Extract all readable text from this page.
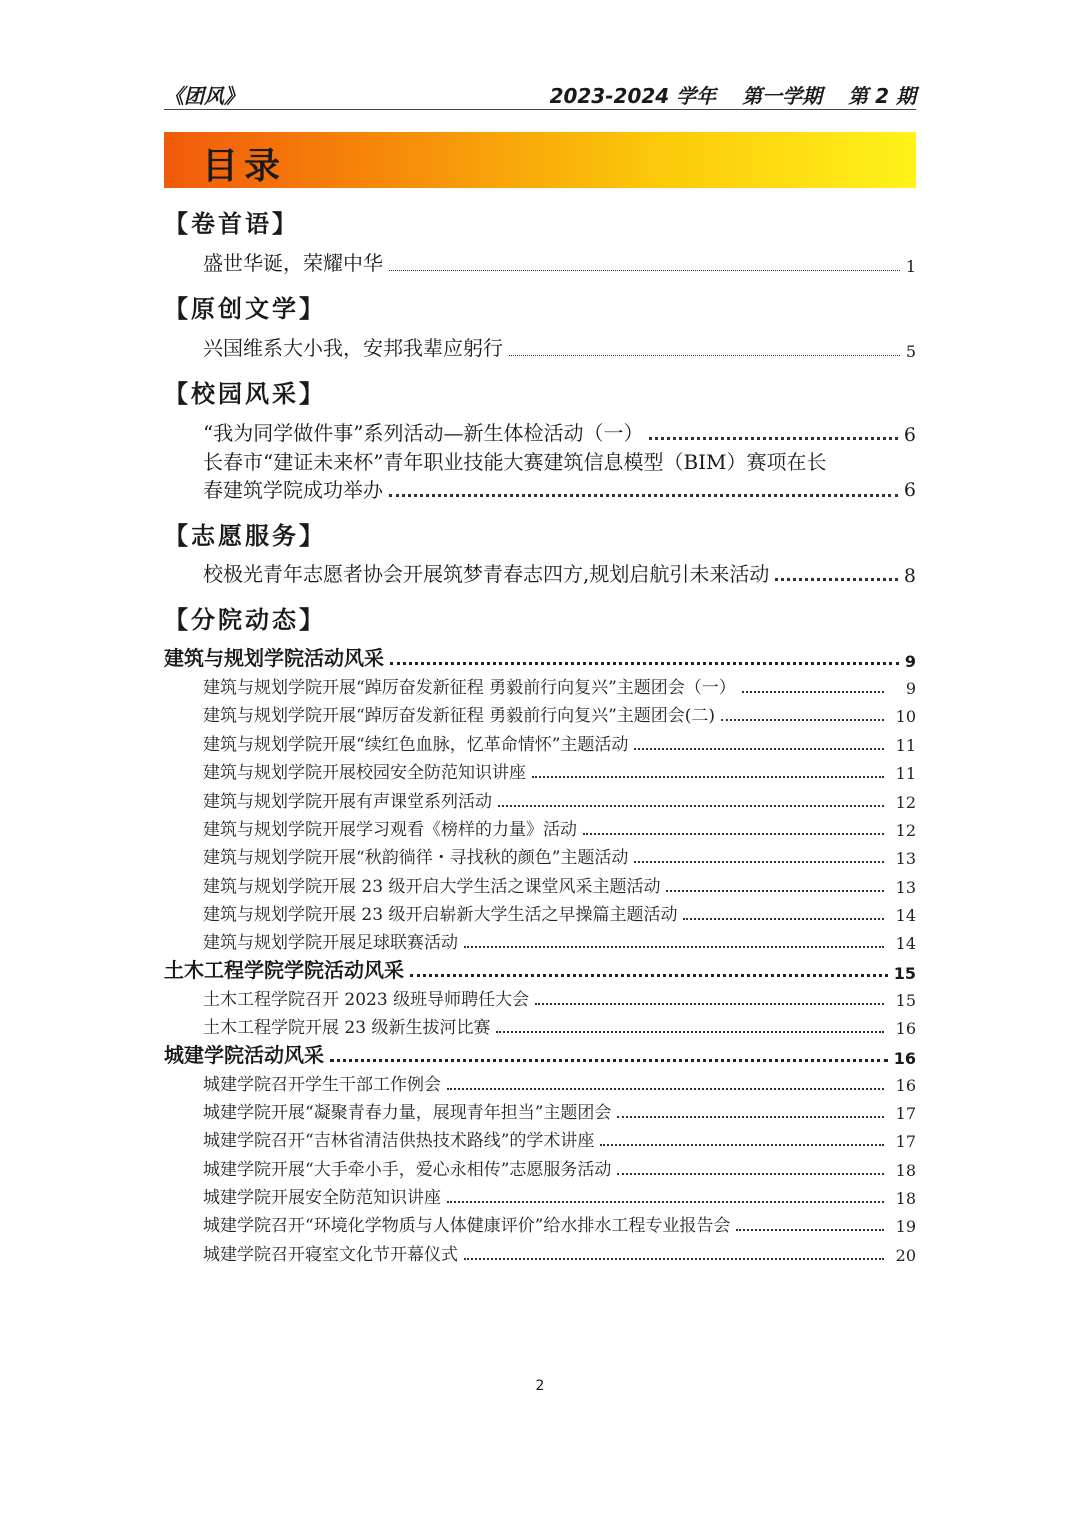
《团风》	2023-2024 学年 第一学期 第 2 期
目录
【卷首语】
盛世华诞，荣耀中华	1
【原创文学】
兴国维系大小我，安邦我辈应躬行	5
【校园风采】
“我为同学做件事”系列活动—新生体检活动（一）	6
长春市“建证未来杯”青年职业技能大赛建筑信息模型（BIM）赛项在长
春建筑学院成功举办	6
【志愿服务】
校极光青年志愿者协会开展筑梦青春志四方,规划启航引未来活动	8
【分院动态】
建筑与规划学院活动风采	9
建筑与规划学院开展“踔厉奋发新征程 勇毅前行向复兴”主题团会（一）	9
建筑与规划学院开展“踔厉奋发新征程 勇毅前行向复兴”主题团会(二)	10
建筑与规划学院开展“续红色血脉，忆革命情怀”主题活动	11
建筑与规划学院开展校园安全防范知识讲座	11
建筑与规划学院开展有声课堂系列活动	12
建筑与规划学院开展学习观看《榜样的力量》活动	12
建筑与规划学院开展“秋韵徜徉・寻找秋的颜色”主题活动	13
建筑与规划学院开展 23 级开启大学生活之课堂风采主题活动	13
建筑与规划学院开展 23 级开启崭新大学生活之早操篇主题活动	14
建筑与规划学院开展足球联赛活动	14
土木工程学院学院活动风采	15
土木工程学院召开 2023 级班导师聘任大会	15
土木工程学院开展 23 级新生拔河比赛	16
城建学院活动风采	16
城建学院召开学生干部工作例会	16
城建学院开展“凝聚青春力量，展现青年担当”主题团会	17
城建学院召开“吉林省清洁供热技术路线”的学术讲座	17
城建学院开展“大手牵小手，爱心永相传”志愿服务活动	18
城建学院开展安全防范知识讲座	18
城建学院召开“环境化学物质与人体健康评价”给水排水工程专业报告会	19
城建学院召开寝室文化节开幕仪式	20
2
